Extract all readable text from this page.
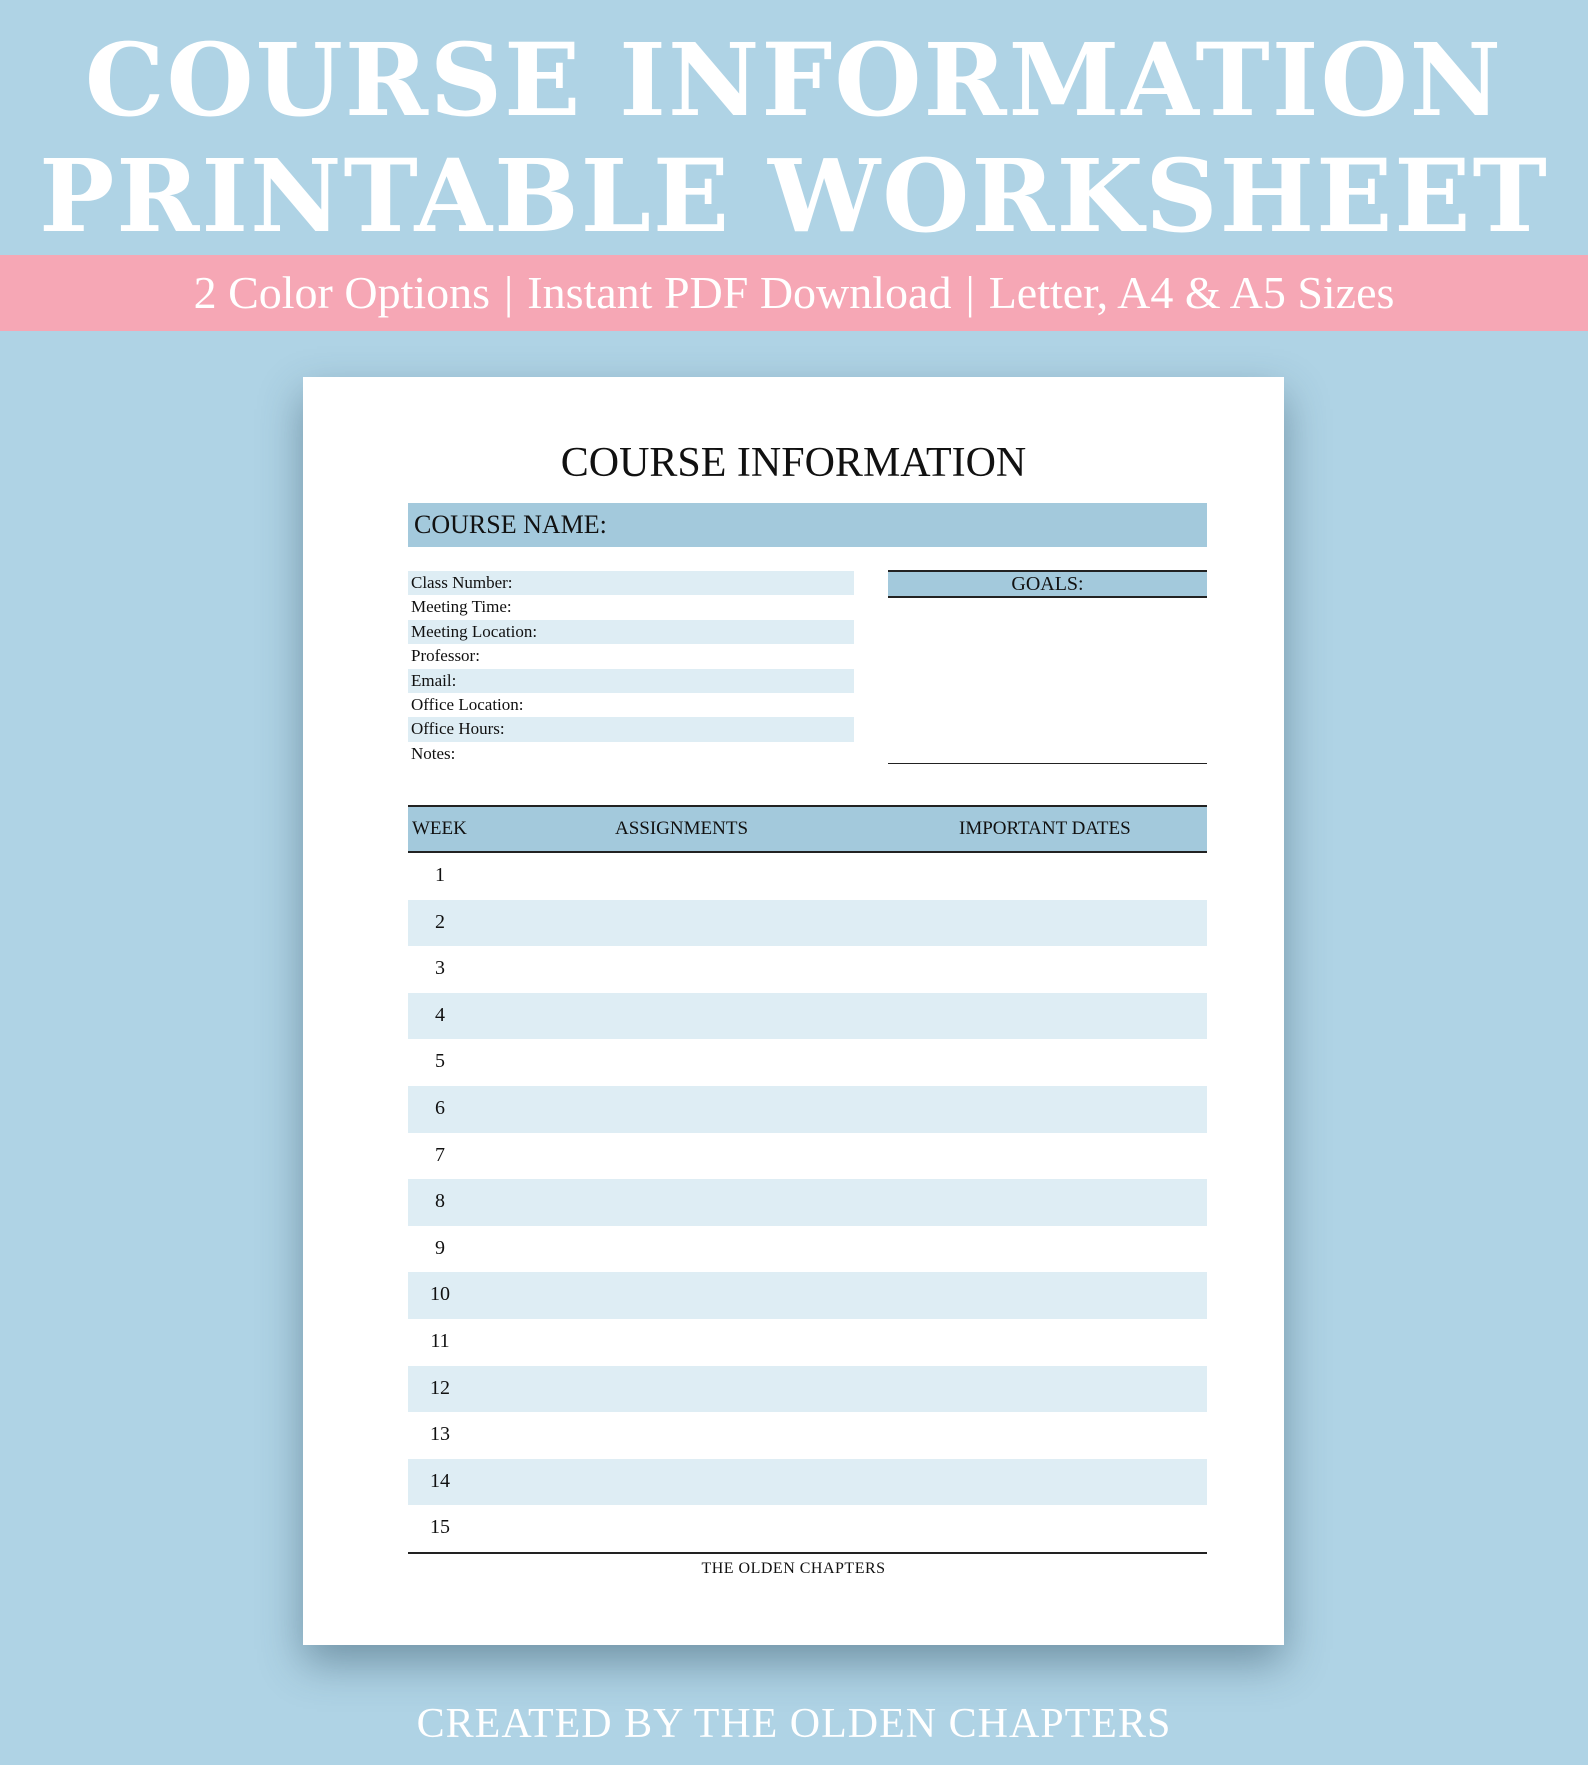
COURSE INFORMATION
PRINTABLE WORKSHEET
2 Color Options | Instant PDF Download | Letter, A4 & A5 Sizes
COURSE INFORMATION
COURSE NAME:
Class Number:
Meeting Time:
Meeting Location:
Professor:
Email:
Office Location:
Office Hours:
Notes:
GOALS:
WEEK	ASSIGNMENTS	IMPORTANT DATES
1
2
3
4
5
6
7
8
9
10
11
12
13
14
15
THE OLDEN CHAPTERS
CREATED BY THE OLDEN CHAPTERS
